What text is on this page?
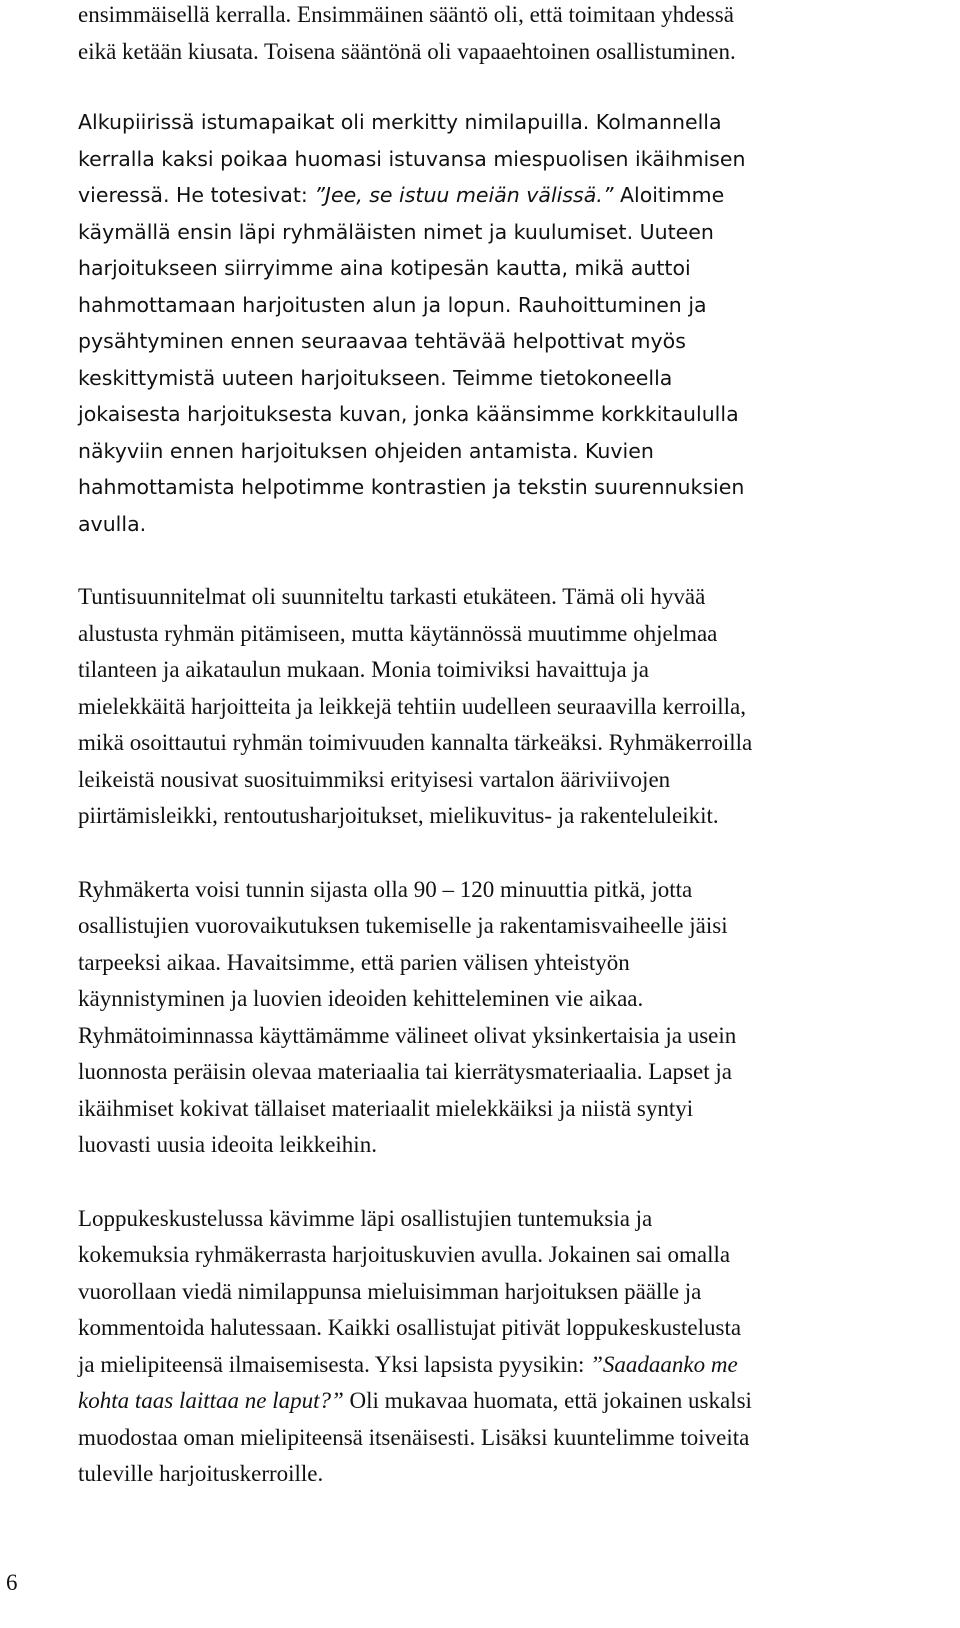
ensimmäisellä kerralla. Ensimmäinen sääntö oli, että toimitaan yhdessä
eikä ketään kiusata. Toisena sääntönä oli vapaaehtoinen osallistuminen.

Alkupiirissä istumapaikat oli merkitty nimilapuilla. Kolmannella
kerralla kaksi poikaa huomasi istuvansa miespuolisen ikäihmisen
vieressä. He totesivat: ”Jee, se istuu meiän välissä.” Aloitimme
käymällä ensin läpi ryhmäläisten nimet ja kuulumiset. Uuteen
harjoitukseen siirryimme aina kotipesän kautta, mikä auttoi
hahmottamaan harjoitusten alun ja lopun. Rauhoittuminen ja
pysähtyminen ennen seuraavaa tehtävää helpottivat myös
keskittymistä uuteen harjoitukseen. Teimme tietokoneella
jokaisesta harjoituksesta kuvan, jonka käänsimme korkkitaululla
näkyviin ennen harjoituksen ohjeiden antamista. Kuvien
hahmottamista helpotimme kontrastien ja tekstin suurennuksien
avulla.

Tuntisuunnitelmat oli suunniteltu tarkasti etukäteen. Tämä oli hyvää
alustusta ryhmän pitämiseen, mutta käytännössä muutimme ohjelmaa
tilanteen ja aikataulun mukaan. Monia toimiviksi havaittuja ja
mielekkäitä harjoitteita ja leikkejä tehtiin uudelleen seuraavilla kerroilla,
mikä osoittautui ryhmän toimivuuden kannalta tärkeäksi. Ryhmäkerroilla
leikeistä nousivat suosituimmiksi erityisesi vartalon ääriviivojen
piirtämisleikki, rentoutusharjoitukset, mielikuvitus- ja rakenteluleikit.

Ryhmäkerta voisi tunnin sijasta olla 90 – 120 minuuttia pitkä, jotta
osallistujien vuorovaikutuksen tukemiselle ja rakentamisvaiheelle jäisi
tarpeeksi aikaa. Havaitsimme, että parien välisen yhteistyön
käynnistyminen ja luovien ideoiden kehitteleminen vie aikaa.
Ryhmätoiminnassa käyttämämme välineet olivat yksinkertaisia ja usein
luonnosta peräisin olevaa materiaalia tai kierrätysmateriaalia. Lapset ja
ikäihmiset kokivat tällaiset materiaalit mielekkäiksi ja niistä syntyi
luovasti uusia ideoita leikkeihin.

Loppukeskustelussa kävimme läpi osallistujien tuntemuksia ja
kokemuksia ryhmäkerrasta harjoituskuvien avulla. Jokainen sai omalla
vuorollaan viedä nimilappunsa mieluisimman harjoituksen päälle ja
kommentoida halutessaan. Kaikki osallistujat pitivät loppukeskustelusta
ja mielipiteensä ilmaisemisesta. Yksi lapsista pyysikin: ”Saadaanko me
kohta taas laittaa ne laput?” Oli mukavaa huomata, että jokainen uskalsi
muodostaa oman mielipiteensä itsenäisesti. Lisäksi kuuntelimme toiveita
tuleville harjoituskerroille.

6
